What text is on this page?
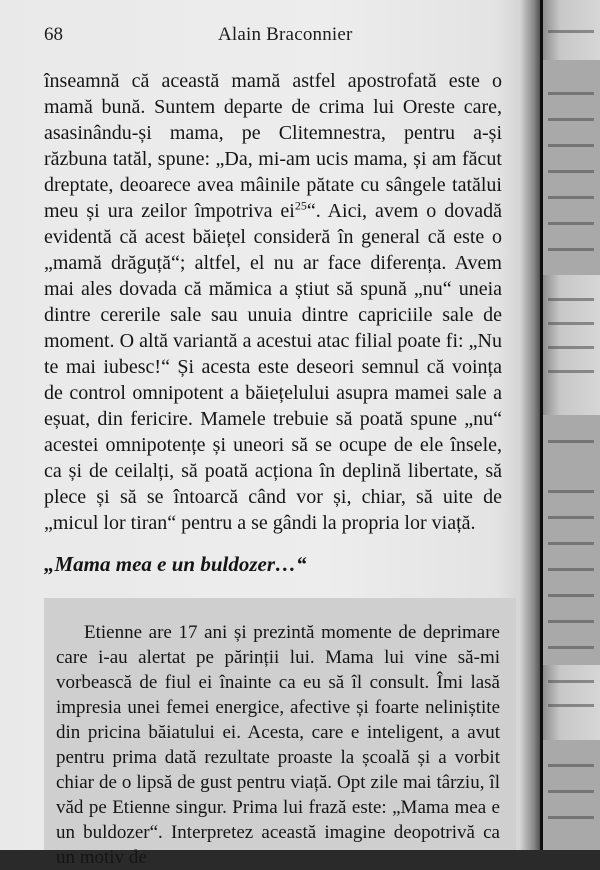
68	Alain Braconnier

înseamnă că această mamă astfel apostrofată este o mamă bună. Suntem departe de crima lui Oreste care, asasinându-și mama, pe Clitemnestra, pentru a-și răzbuna tatăl, spune: „Da, mi-am ucis mama, și am făcut dreptate, deoarece avea mâinile pătate cu sângele tatălui meu și ura zeilor împotriva $ei^{25}“$. Aici, avem o dovadă evidentă că acest băiețel consideră în general că este o „mamă drăguță“; altfel, el nu ar face diferența. Avem mai ales dovada că mămica a știut să spună „nu“ uneia dintre cererile sale sau unuia dintre capriciile sale de moment. O altă variantă a acestui atac filial poate fi: „Nu te mai iubesc!“ Și acesta este deseori semnul că voința de control omnipotent a băiețelului asupra mamei sale a eșuat, din fericire. Mamele trebuie să poată spune „nu“ acestei omnipotențe și uneori să se ocupe de ele însele, ca și de ceilalți, să poată acționa în deplină libertate, să plece și să se întoarcă când vor și, chiar, să uite de „micul lor tiran“ pentru a se gândi la propria lor viață.

„Mama mea e un buldozer…“

Etienne are 17 ani și prezintă momente de deprimare care i-au alertat pe părinții lui. Mama lui vine să-mi vorbească de fiul ei înainte ca eu să îl consult. Îmi lasă impresia unei femei energice, afective și foarte neliniștite din pricina băiatului ei. Acesta, care e inteligent, a avut pentru prima dată rezultate proaste la școală și a vorbit chiar de o lipsă de gust pentru viață. Opt zile mai târziu, îl văd pe Etienne singur. Prima lui frază este: „Mama mea e un buldozer“. Interpretez această imagine deopotrivă ca un motiv de
